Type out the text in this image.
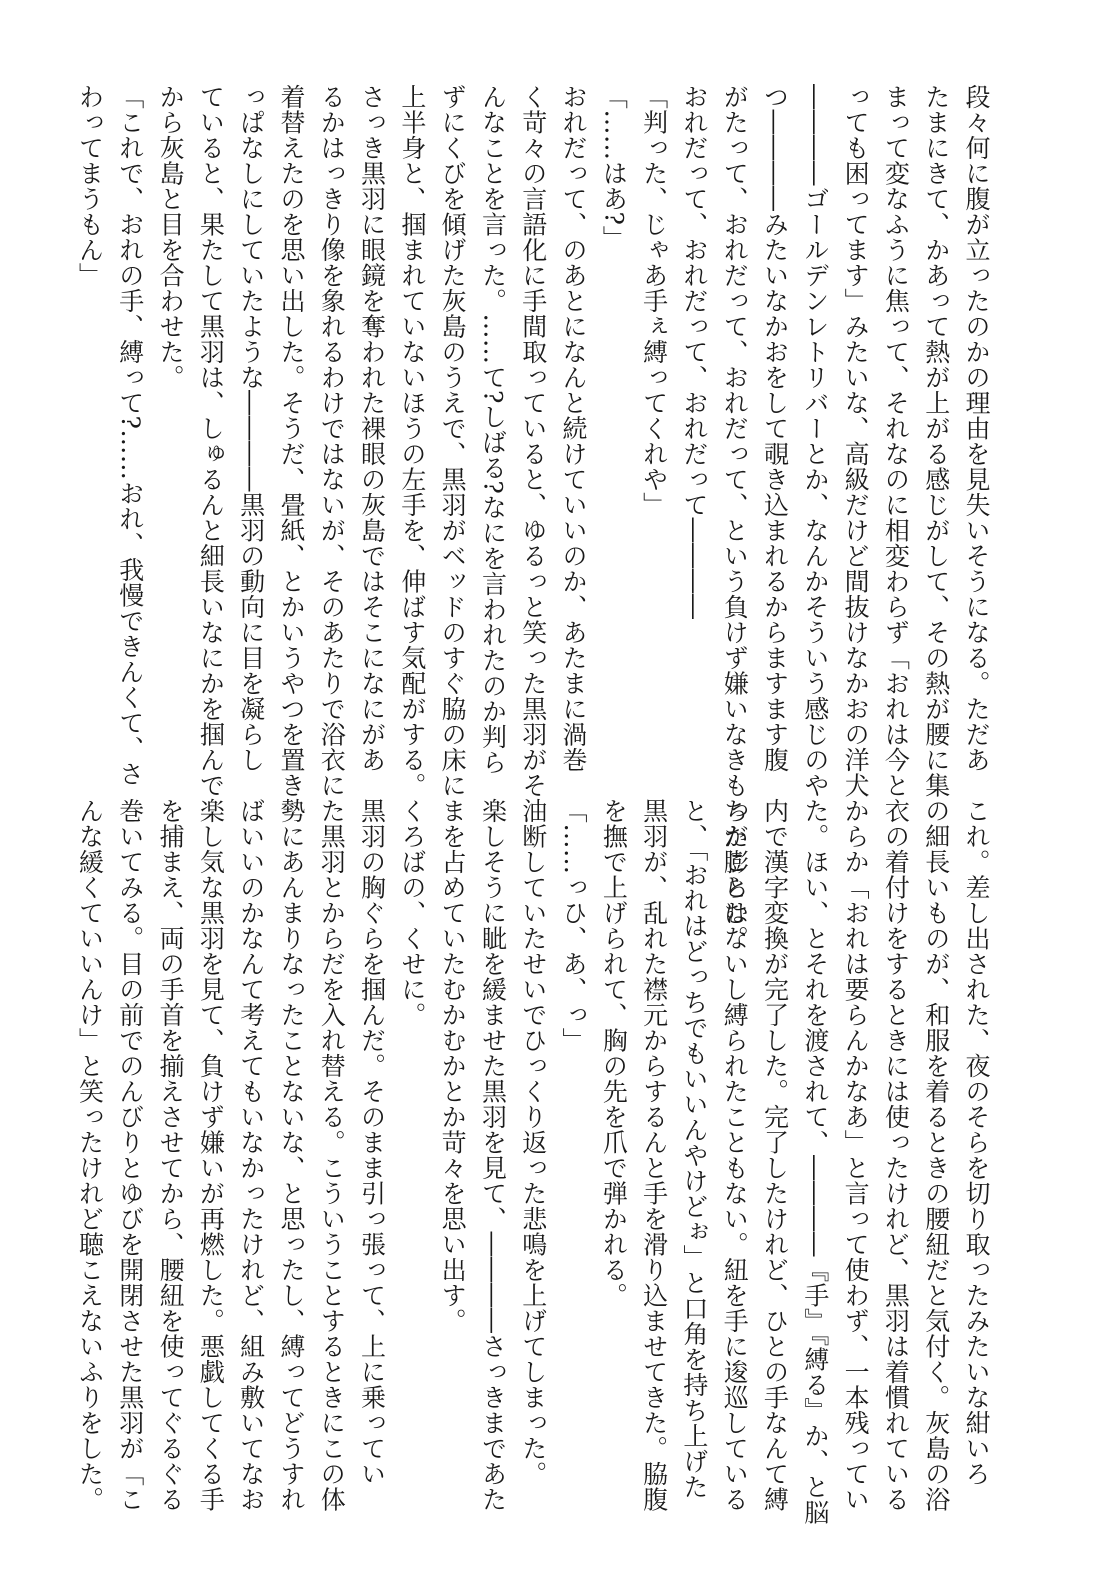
段々何に腹が立ったのかの理由を見失いそうになる。ただあ

たまにきて、かあって熱が上がる感じがして、その熱が腰に集

まって変なふうに焦って、それなのに相変わらず「おれは今と

っても困ってます」みたいな、高級だけど間抜けなかおの洋犬

――――ゴールデンレトリバーとか、なんかそういう感じのや

つ――――みたいなかおをして覗き込まれるからますます腹

がたって、おれだって、おれだって、という負けず嫌いなきもちが膨らむ。

おれだって、おれだって、おれだって――――

「判った、じゃあ手ぇ縛ってくれや」

「……はあ?」

おれだって、のあとになんと続けていいのか、あたまに渦巻

く苛々の言語化に手間取っていると、ゆるっと笑った黒羽がそ

んなことを言った。……て?しばる?なにを言われたのか判ら

ずにくびを傾げた灰島のうえで、黒羽がベッドのすぐ脇の床に

上半身と、掴まれていないほうの左手を、伸ばす気配がする。

さっき黒羽に眼鏡を奪われた裸眼の灰島ではそこになにがあ

るかはっきり像を象れるわけではないが、そのあたりで浴衣に

着替えたのを思い出した。そうだ、畳紙、とかいうやつを置き

っぱなしにしていたような――――黒羽の動向に目を凝らし

ていると、果たして黒羽は、しゅるんと細長いなにかを掴んで

から灰島と目を合わせた。

「これで、おれの手、縛って?……おれ、我慢できんくて、さ

わってまうもん」

これ。差し出された、夜のそらを切り取ったみたいな紺いろ

の細長いものが、和服を着るときの腰紐だと気付く。灰島の浴

衣の着付けをするときには使ったけれど、黒羽は着慣れている

からか「おれは要らんかなあ」と言って使わず、一本残ってい

た。ほい、とそれを渡されて、――――『手』『縛る』か、と脳

内で漢字変換が完了した。完了したけれど、ひとの手なんて縛

ったことはないし縛られたこともない。紐を手に逡巡している

と、「おれはどっちでもいいんやけどぉ」と口角を持ち上げた

黒羽が、乱れた襟元からするんと手を滑り込ませてきた。脇腹

を撫で上げられて、胸の先を爪で弾かれる。

「……っひ、あ、っ」

油断していたせいでひっくり返った悲鳴を上げてしまった。

楽しそうに眦を緩ませた黒羽を見て、――――さっきまであた

まを占めていたむかむかとか苛々を思い出す。

くろばの、くせに。

黒羽の胸ぐらを掴んだ。そのまま引っ張って、上に乗ってい

た黒羽とからだを入れ替える。こういうことするときにこの体

勢にあんまりなったことないな、と思ったし、縛ってどうすれ

ばいいのかなんて考えてもいなかったけれど、組み敷いてなお

楽し気な黒羽を見て、負けず嫌いが再燃した。悪戯してくる手

を捕まえ、両の手首を揃えさせてから、腰紐を使ってぐるぐる

巻いてみる。目の前でのんびりとゆびを開閉させた黒羽が「こ

んな緩くていいんけ」と笑ったけれど聴こえないふりをした。
